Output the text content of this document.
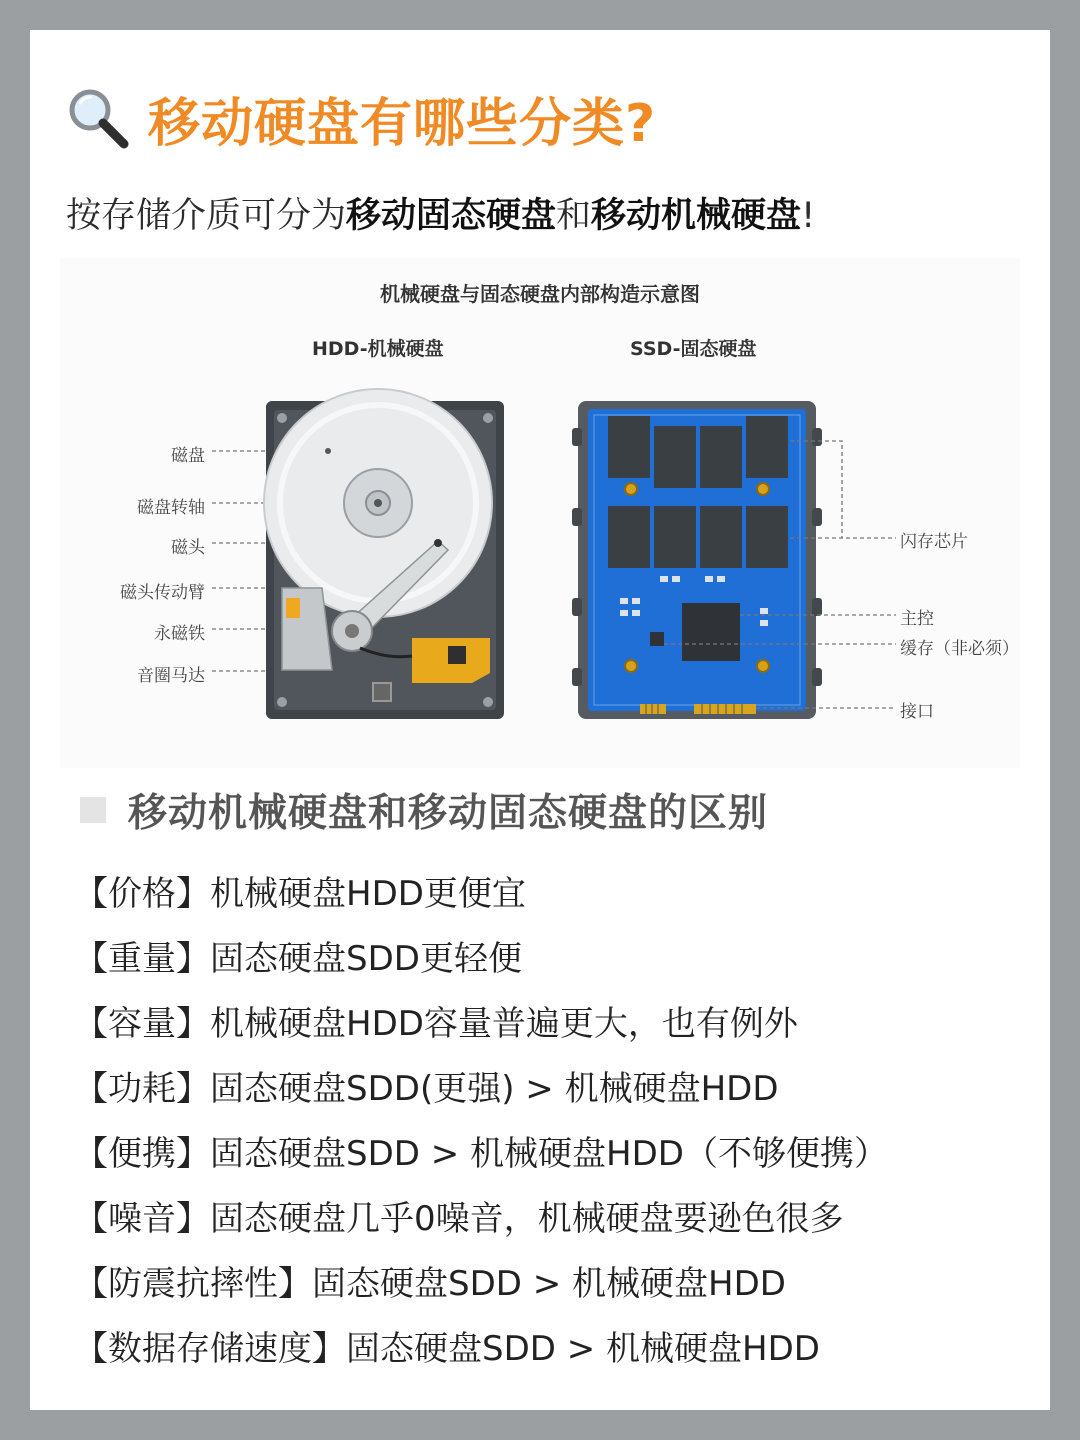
移动硬盘有哪些分类?
按存储介质可分为移动固态硬盘和移动机械硬盘!
机械硬盘与固态硬盘内部构造示意图
HDD-机械硬盘	SSD-固态硬盘
磁盘
磁盘转轴
磁头
磁头传动臂
永磁铁
音圈马达
闪存芯片
主控
缓存（非必须）
接口
移动机械硬盘和移动固态硬盘的区别
【价格】机械硬盘HDD更便宜
【重量】固态硬盘SDD更轻便
【容量】机械硬盘HDD容量普遍更大，也有例外
【功耗】固态硬盘SDD(更强) > 机械硬盘HDD
【便携】固态硬盘SDD > 机械硬盘HDD（不够便携）
【噪音】固态硬盘几乎0噪音，机械硬盘要逊色很多
【防震抗摔性】固态硬盘SDD > 机械硬盘HDD
【数据存储速度】固态硬盘SDD > 机械硬盘HDD
